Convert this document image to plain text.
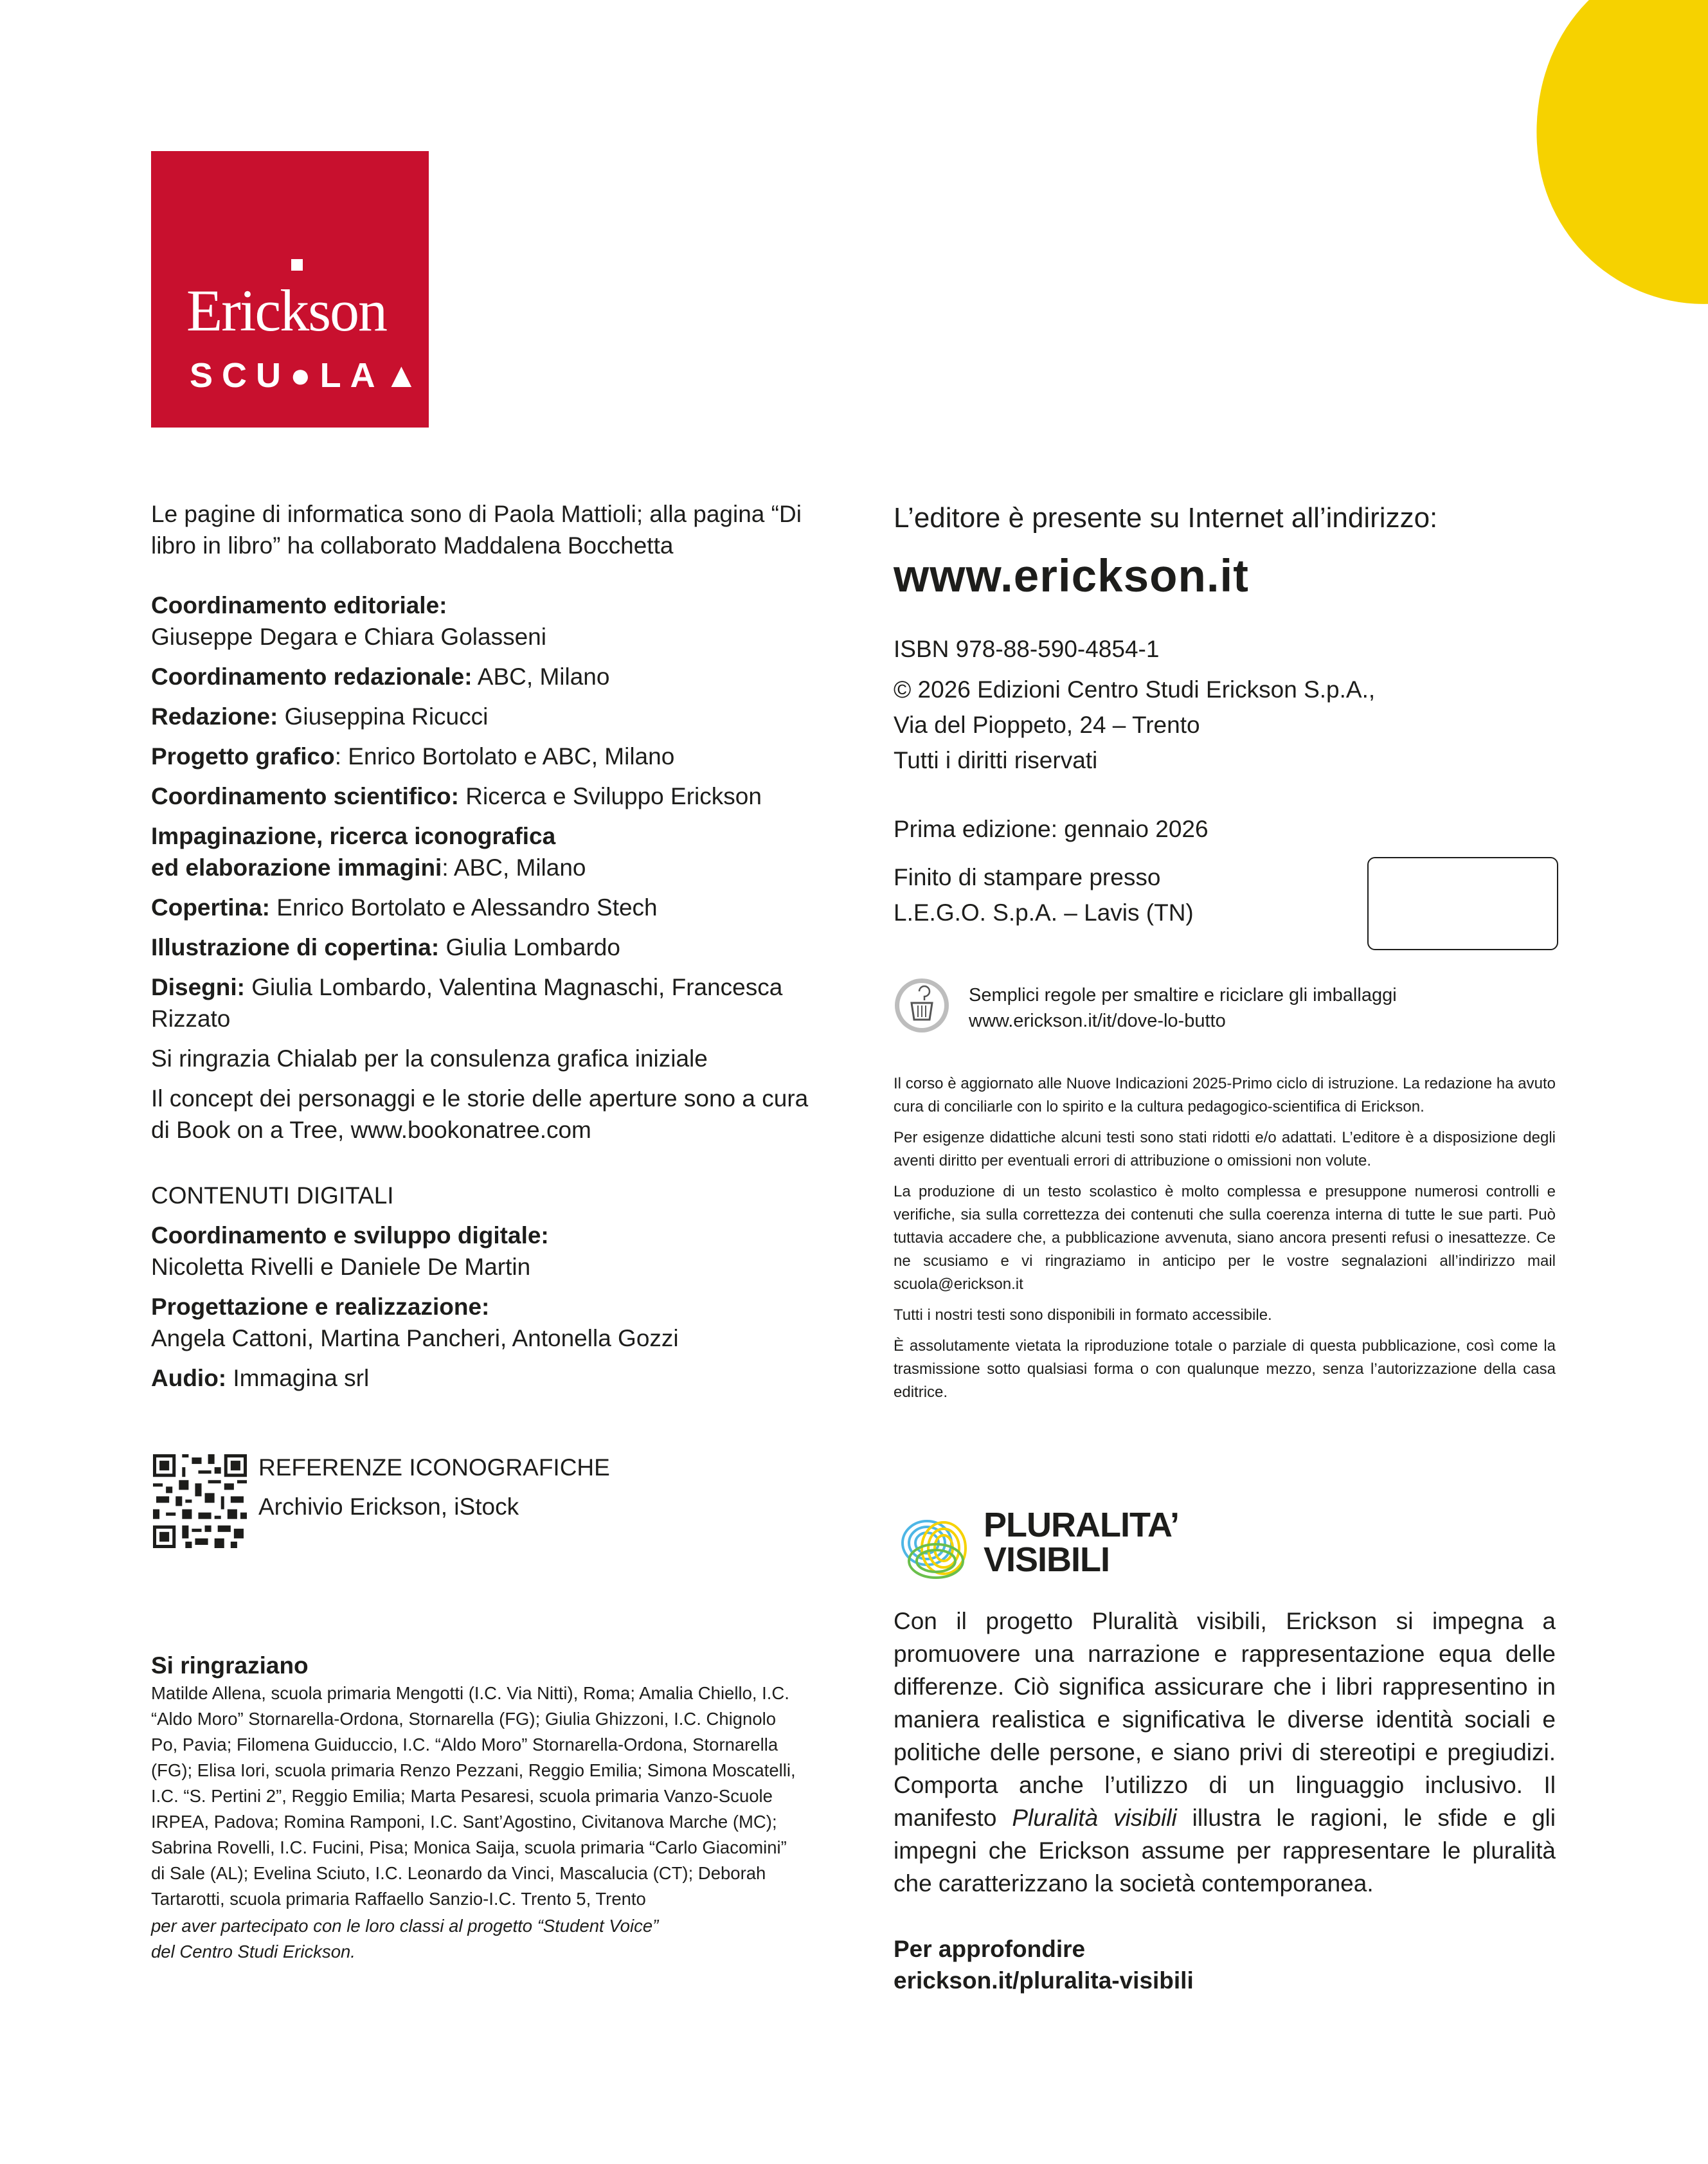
Erickson
SCU●LA▲

Le pagine di informatica sono di Paola Mattioli; alla pagina “Di libro in libro” ha collaborato Maddalena Bocchetta

Coordinamento editoriale:
Giuseppe Degara e Chiara Golasseni
Coordinamento redazionale: ABC, Milano
Redazione: Giuseppina Ricucci
Progetto grafico: Enrico Bortolato e ABC, Milano
Coordinamento scientifico: Ricerca e Sviluppo Erickson
Impaginazione, ricerca iconografica
ed elaborazione immagini: ABC, Milano
Copertina: Enrico Bortolato e Alessandro Stech
Illustrazione di copertina: Giulia Lombardo
Disegni: Giulia Lombardo, Valentina Magnaschi, Francesca Rizzato
Si ringrazia Chialab per la consulenza grafica iniziale
Il concept dei personaggi e le storie delle aperture sono a cura di Book on a Tree, www.bookonatree.com
CONTENUTI DIGITALI
Coordinamento e sviluppo digitale:
Nicoletta Rivelli e Daniele De Martin
Progettazione e realizzazione:
Angela Cattoni, Martina Pancheri, Antonella Gozzi
Audio: Immagina srl
REFERENZE ICONOGRAFICHE
Archivio Erickson, iStock
Si ringraziano

Matilde Allena, scuola primaria Mengotti (I.C. Via Nitti), Roma; Amalia Chiello, I.C. “Aldo Moro” Stornarella-Ordona, Stornarella (FG); Giulia Ghizzoni, I.C. Chignolo Po, Pavia; Filomena Guiduccio, I.C. “Aldo Moro” Stornarella-Ordona, Stornarella (FG); Elisa Iori, scuola primaria Renzo Pezzani, Reggio Emilia; Simona Moscatelli, I.C. “S. Pertini 2”, Reggio Emilia; Marta Pesaresi, scuola primaria Vanzo-Scuole IRPEA, Padova; Romina Ramponi, I.C. Sant’Agostino, Civitanova Marche (MC); Sabrina Rovelli, I.C. Fucini, Pisa; Monica Saija, scuola primaria “Carlo Giacomini” di Sale (AL); Evelina Sciuto, I.C. Leonardo da Vinci, Mascalucia (CT); Deborah Tartarotti, scuola primaria Raffaello Sanzio-I.C. Trento 5, Trento

per aver partecipato con le loro classi al progetto “Student Voice”

del Centro Studi Erickson.

L’editore è presente su Internet all’indirizzo:
www.erickson.it
ISBN 978-88-590-4854-1
© 2026 Edizioni Centro Studi Erickson S.p.A.,
Via del Pioppeto, 24 – Trento
Tutti i diritti riservati
Prima edizione: gennaio 2026
Finito di stampare presso
L.E.G.O. S.p.A. – Lavis (TN)
Semplici regole per smaltire e riciclare gli imballaggi
www.erickson.it/it/dove-lo-butto

Il corso è aggiornato alle Nuove Indicazioni 2025-Primo ciclo di istruzione. La redazione ha avuto cura di conciliarle con lo spirito e la cultura pedagogico-scientifica di Erickson.

Per esigenze didattiche alcuni testi sono stati ridotti e/o adattati. L’editore è a disposizione degli aventi diritto per eventuali errori di attribuzione o omissioni non volute.

La produzione di un testo scolastico è molto complessa e presuppone numerosi controlli e verifiche, sia sulla correttezza dei contenuti che sulla coerenza interna di tutte le sue parti. Può tuttavia accadere che, a pubblicazione avvenuta, siano ancora presenti refusi o inesattezze. Ce ne scusiamo e vi ringraziamo in anticipo per le vostre segnalazioni all’indirizzo mail scuola@erickson.it

Tutti i nostri testi sono disponibili in formato accessibile.

È assolutamente vietata la riproduzione totale o parziale di questa pubblicazione, così come la trasmissione sotto qualsiasi forma o con qualunque mezzo, senza l’autorizzazione della casa editrice.

PLURALITA’
VISIBILI

Con il progetto Pluralità visibili, Erickson si impegna a promuovere una narrazione e rappresentazione equa delle differenze. Ciò significa assicurare che i libri rappresentino in maniera realistica e significativa le diverse identità sociali e politiche delle persone, e siano privi di stereotipi e pregiudizi. Comporta anche l’utilizzo di un linguaggio inclusivo. Il manifesto Pluralità visibili illustra le ragioni, le sfide e gli impegni che Erickson assume per rappresentare le pluralità che caratterizzano la società contemporanea.

Per approfondire
erickson.it/pluralita-visibili
